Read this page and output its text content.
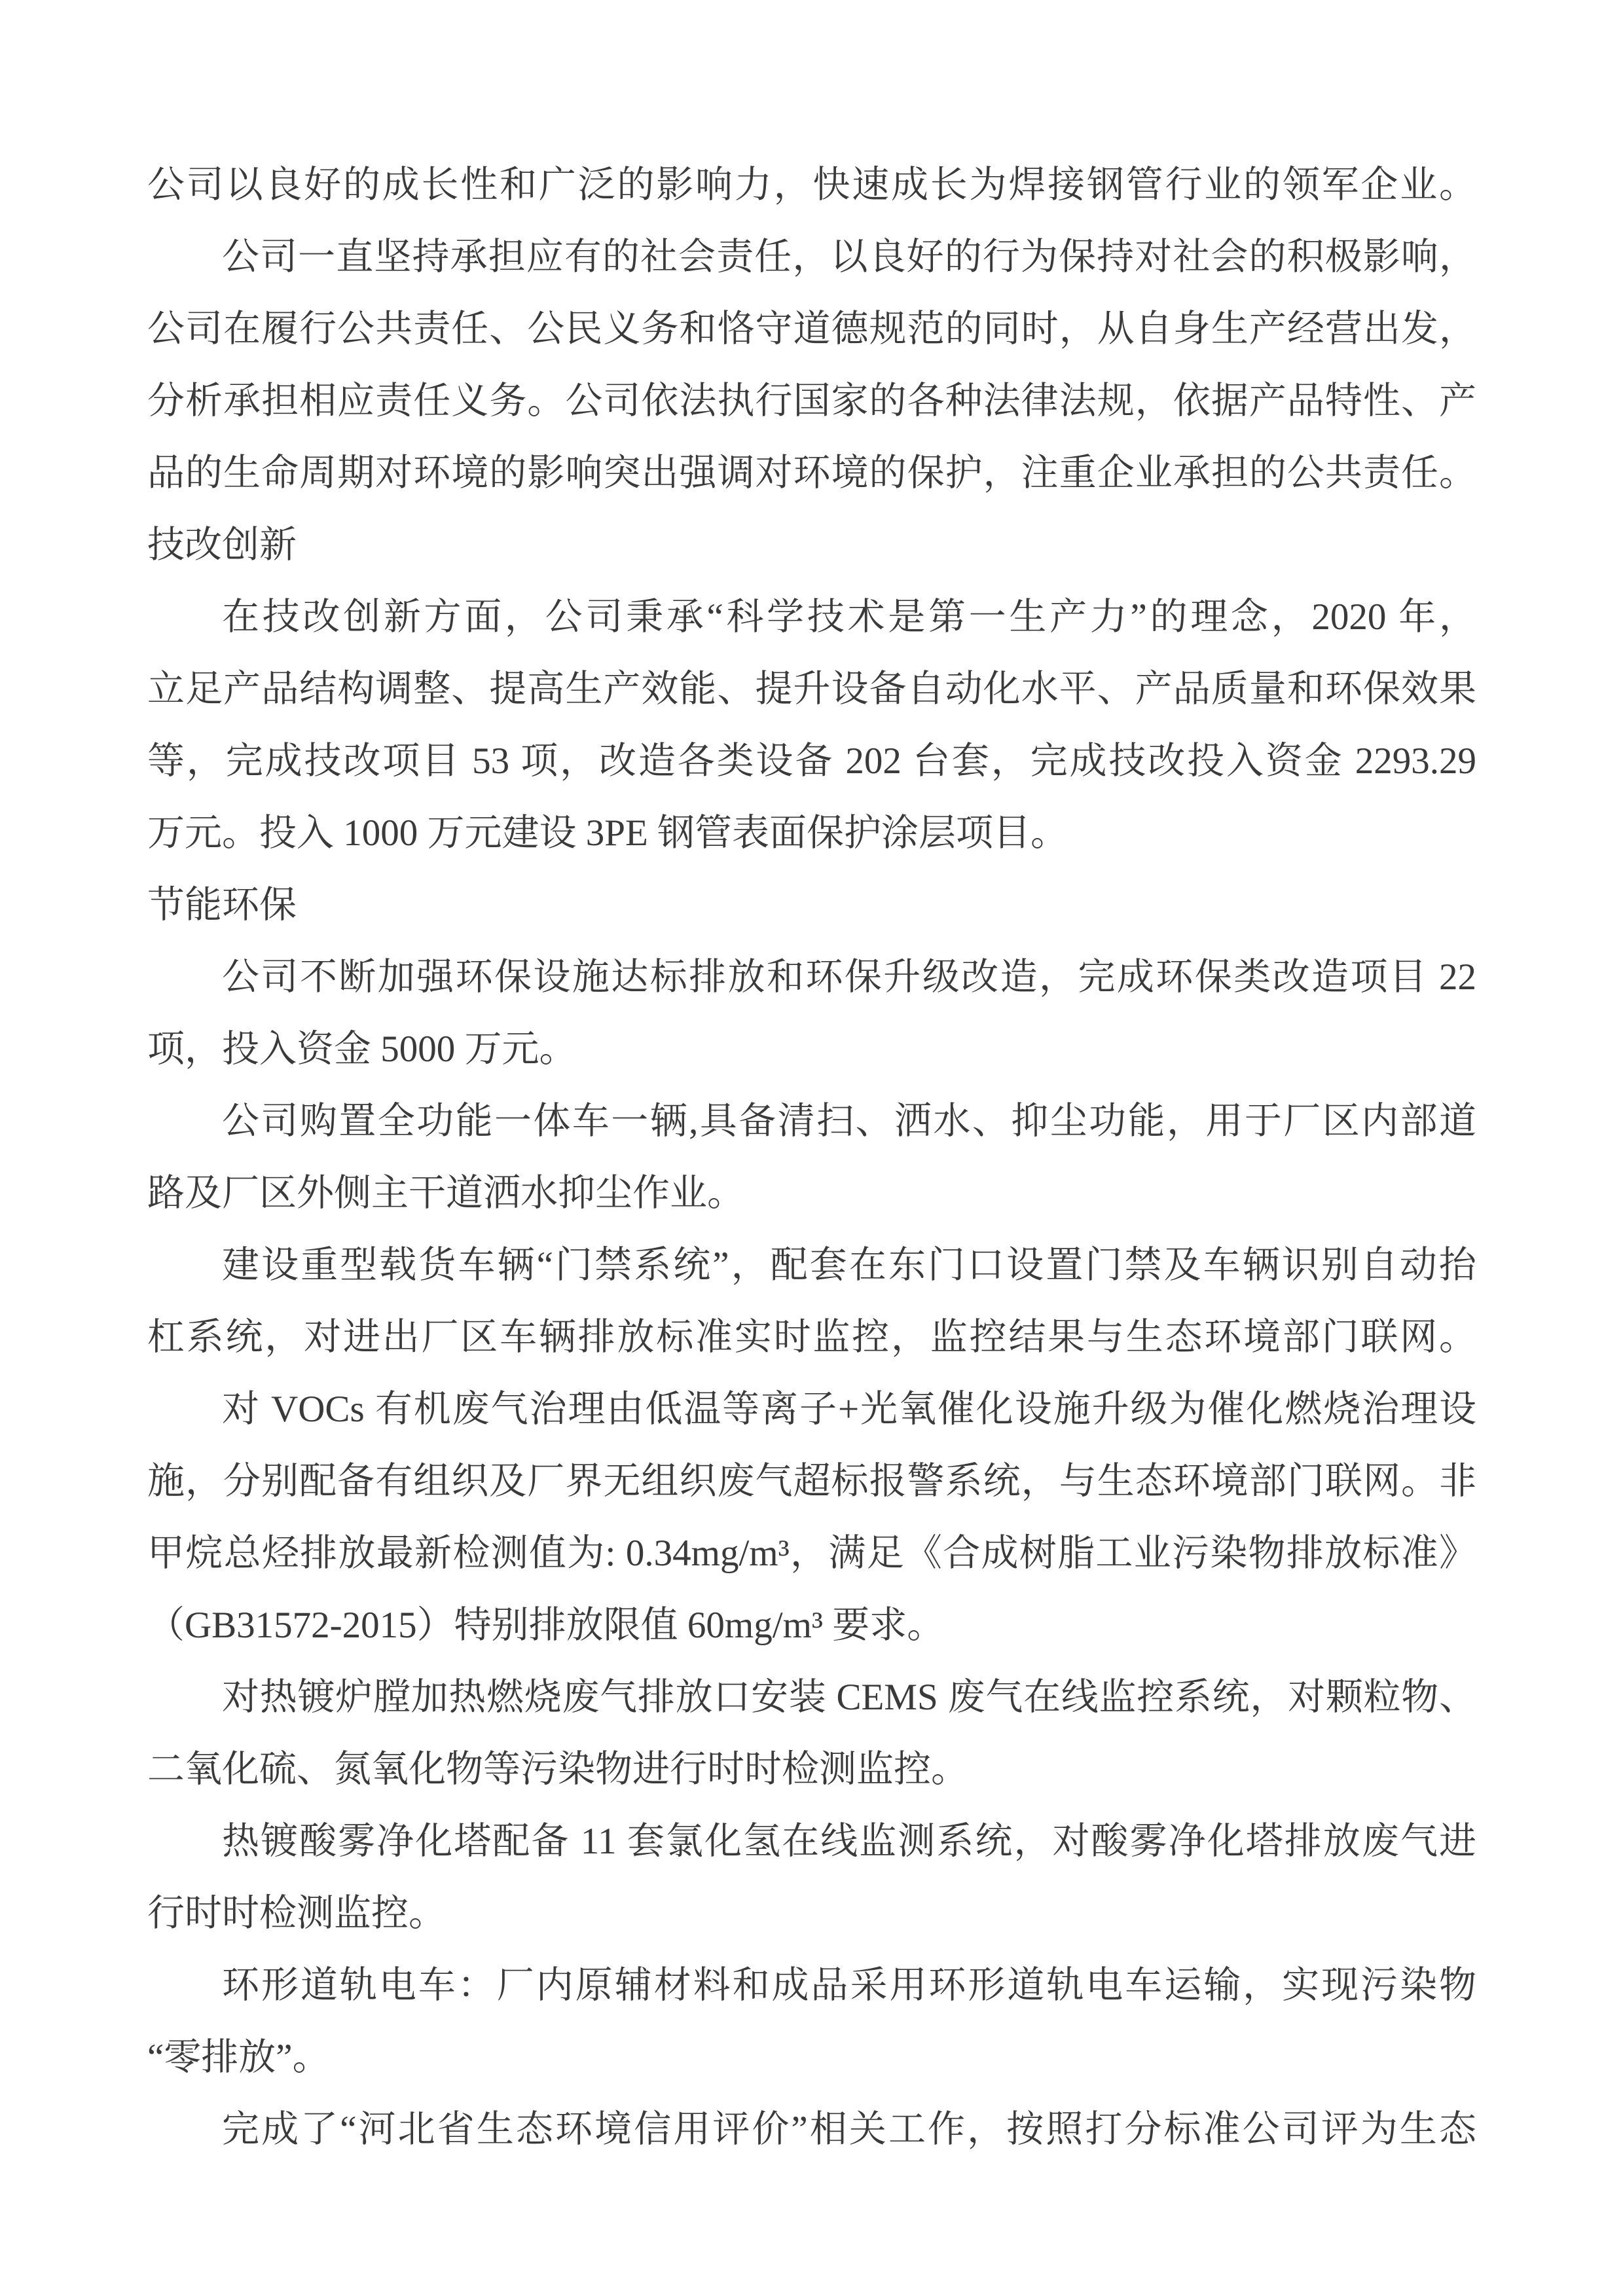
公司以良好的成长性和广泛的影响力，快速成长为焊接钢管行业的领军企业。
公司一直坚持承担应有的社会责任，以良好的行为保持对社会的积极影响，
公司在履行公共责任、公民义务和恪守道德规范的同时，从自身生产经营出发，
分析承担相应责任义务。公司依法执行国家的各种法律法规，依据产品特性、产
品的生命周期对环境的影响突出强调对环境的保护，注重企业承担的公共责任。
技改创新
在技改创新方面，公司秉承“科学技术是第一生产力”的理念，2020 年，
立足产品结构调整、提高生产效能、提升设备自动化水平、产品质量和环保效果
等，完成技改项目 53 项，改造各类设备 202 台套，完成技改投入资金 2293.29
万元。投入 1000 万元建设 3PE 钢管表面保护涂层项目。
节能环保
公司不断加强环保设施达标排放和环保升级改造，完成环保类改造项目 22
项，投入资金 5000 万元。
公司购置全功能一体车一辆,具备清扫、洒水、抑尘功能，用于厂区内部道
路及厂区外侧主干道洒水抑尘作业。
建设重型载货车辆“门禁系统”，配套在东门口设置门禁及车辆识别自动抬
杠系统，对进出厂区车辆排放标准实时监控，监控结果与生态环境部门联网。
对 VOCs 有机废气治理由低温等离子+光氧催化设施升级为催化燃烧治理设
施，分别配备有组织及厂界无组织废气超标报警系统，与生态环境部门联网。非
甲烷总烃排放最新检测值为: 0.34mg/m³，满足《合成树脂工业污染物排放标准》
（GB31572-2015）特别排放限值 60mg/m³ 要求。
对热镀炉膛加热燃烧废气排放口安装 CEMS 废气在线监控系统，对颗粒物、
二氧化硫、氮氧化物等污染物进行时时检测监控。
热镀酸雾净化塔配备 11 套氯化氢在线监测系统，对酸雾净化塔排放废气进
行时时检测监控。
环形道轨电车：厂内原辅材料和成品采用环形道轨电车运输，实现污染物
“零排放”。
完成了“河北省生态环境信用评价”相关工作，按照打分标准公司评为生态
